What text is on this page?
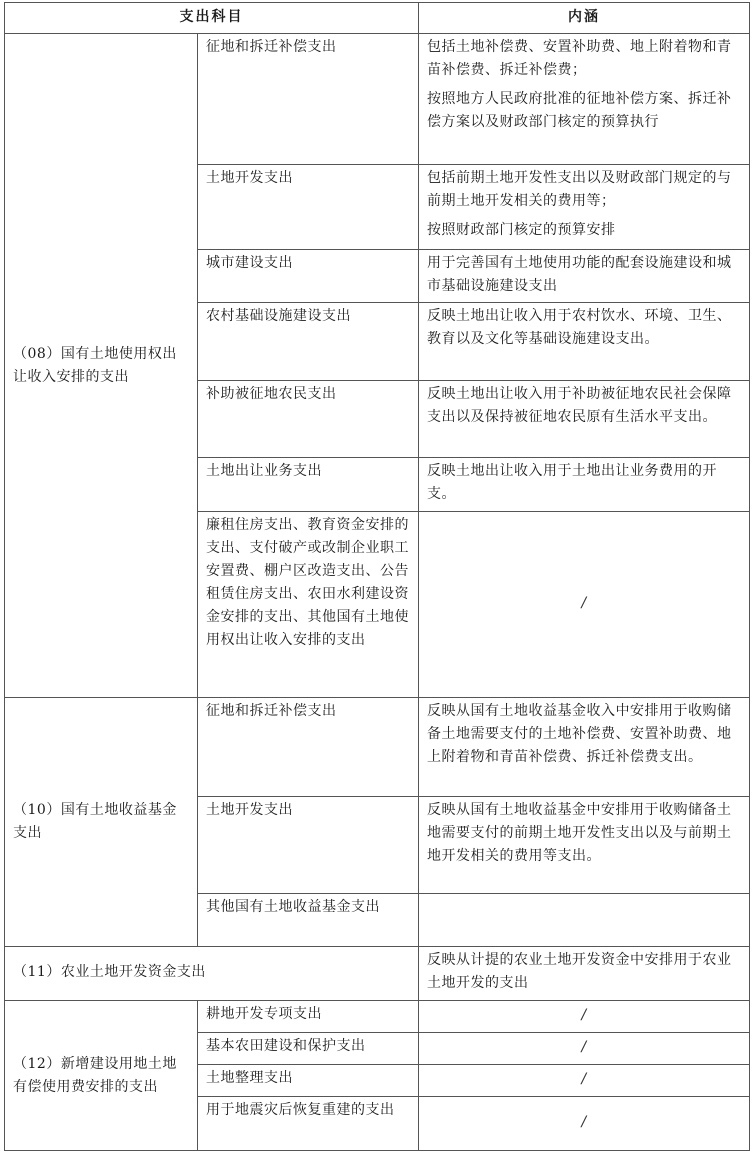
支出科目		内涵
（08）国有土地使用权出让收入安排的支出	征地和拆迁补偿支出	包括土地补偿费、安置补助费、地上附着物和青苗补偿费、拆迁补偿费；

按照地方人民政府批准的征地补偿方案、拆迁补偿方案以及财政部门核定的预算执行

	土地开发支出	包括前期土地开发性支出以及财政部门规定的与前期土地开发相关的费用等；

按照财政部门核定的预算安排

	城市建设支出	用于完善国有土地使用功能的配套设施建设和城市基础设施建设支出

	农村基础设施建设支出	反映土地出让收入用于农村饮水、环境、卫生、教育以及文化等基础设施建设支出。

	补助被征地农民支出	反映土地出让收入用于补助被征地农民社会保障支出以及保持被征地农民原有生活水平支出。

	土地出让业务支出	反映土地出让收入用于土地出让业务费用的开支。

	廉租住房支出、教育资金安排的支出、支付破产或改制企业职工安置费、棚户区改造支出、公告租赁住房支出、农田水利建设资金安排的支出、其他国有土地使用权出让收入安排的支出	/
（10）国有土地收益基金支出	征地和拆迁补偿支出	反映从国有土地收益基金收入中安排用于收购储备土地需要支付的土地补偿费、安置补助费、地上附着物和青苗补偿费、拆迁补偿费支出。

	土地开发支出	反映从国有土地收益基金中安排用于收购储备土地需要支付的前期土地开发性支出以及与前期土地开发相关的费用等支出。

	其他国有土地收益基金支出	
（11）农业土地开发资金支出		反映从计提的农业土地开发资金中安排用于农业土地开发的支出

（12）新增建设用地土地有偿使用费安排的支出	耕地开发专项支出	/
	基本农田建设和保护支出	/
	土地整理支出	/
	用于地震灾后恢复重建的支出	/
